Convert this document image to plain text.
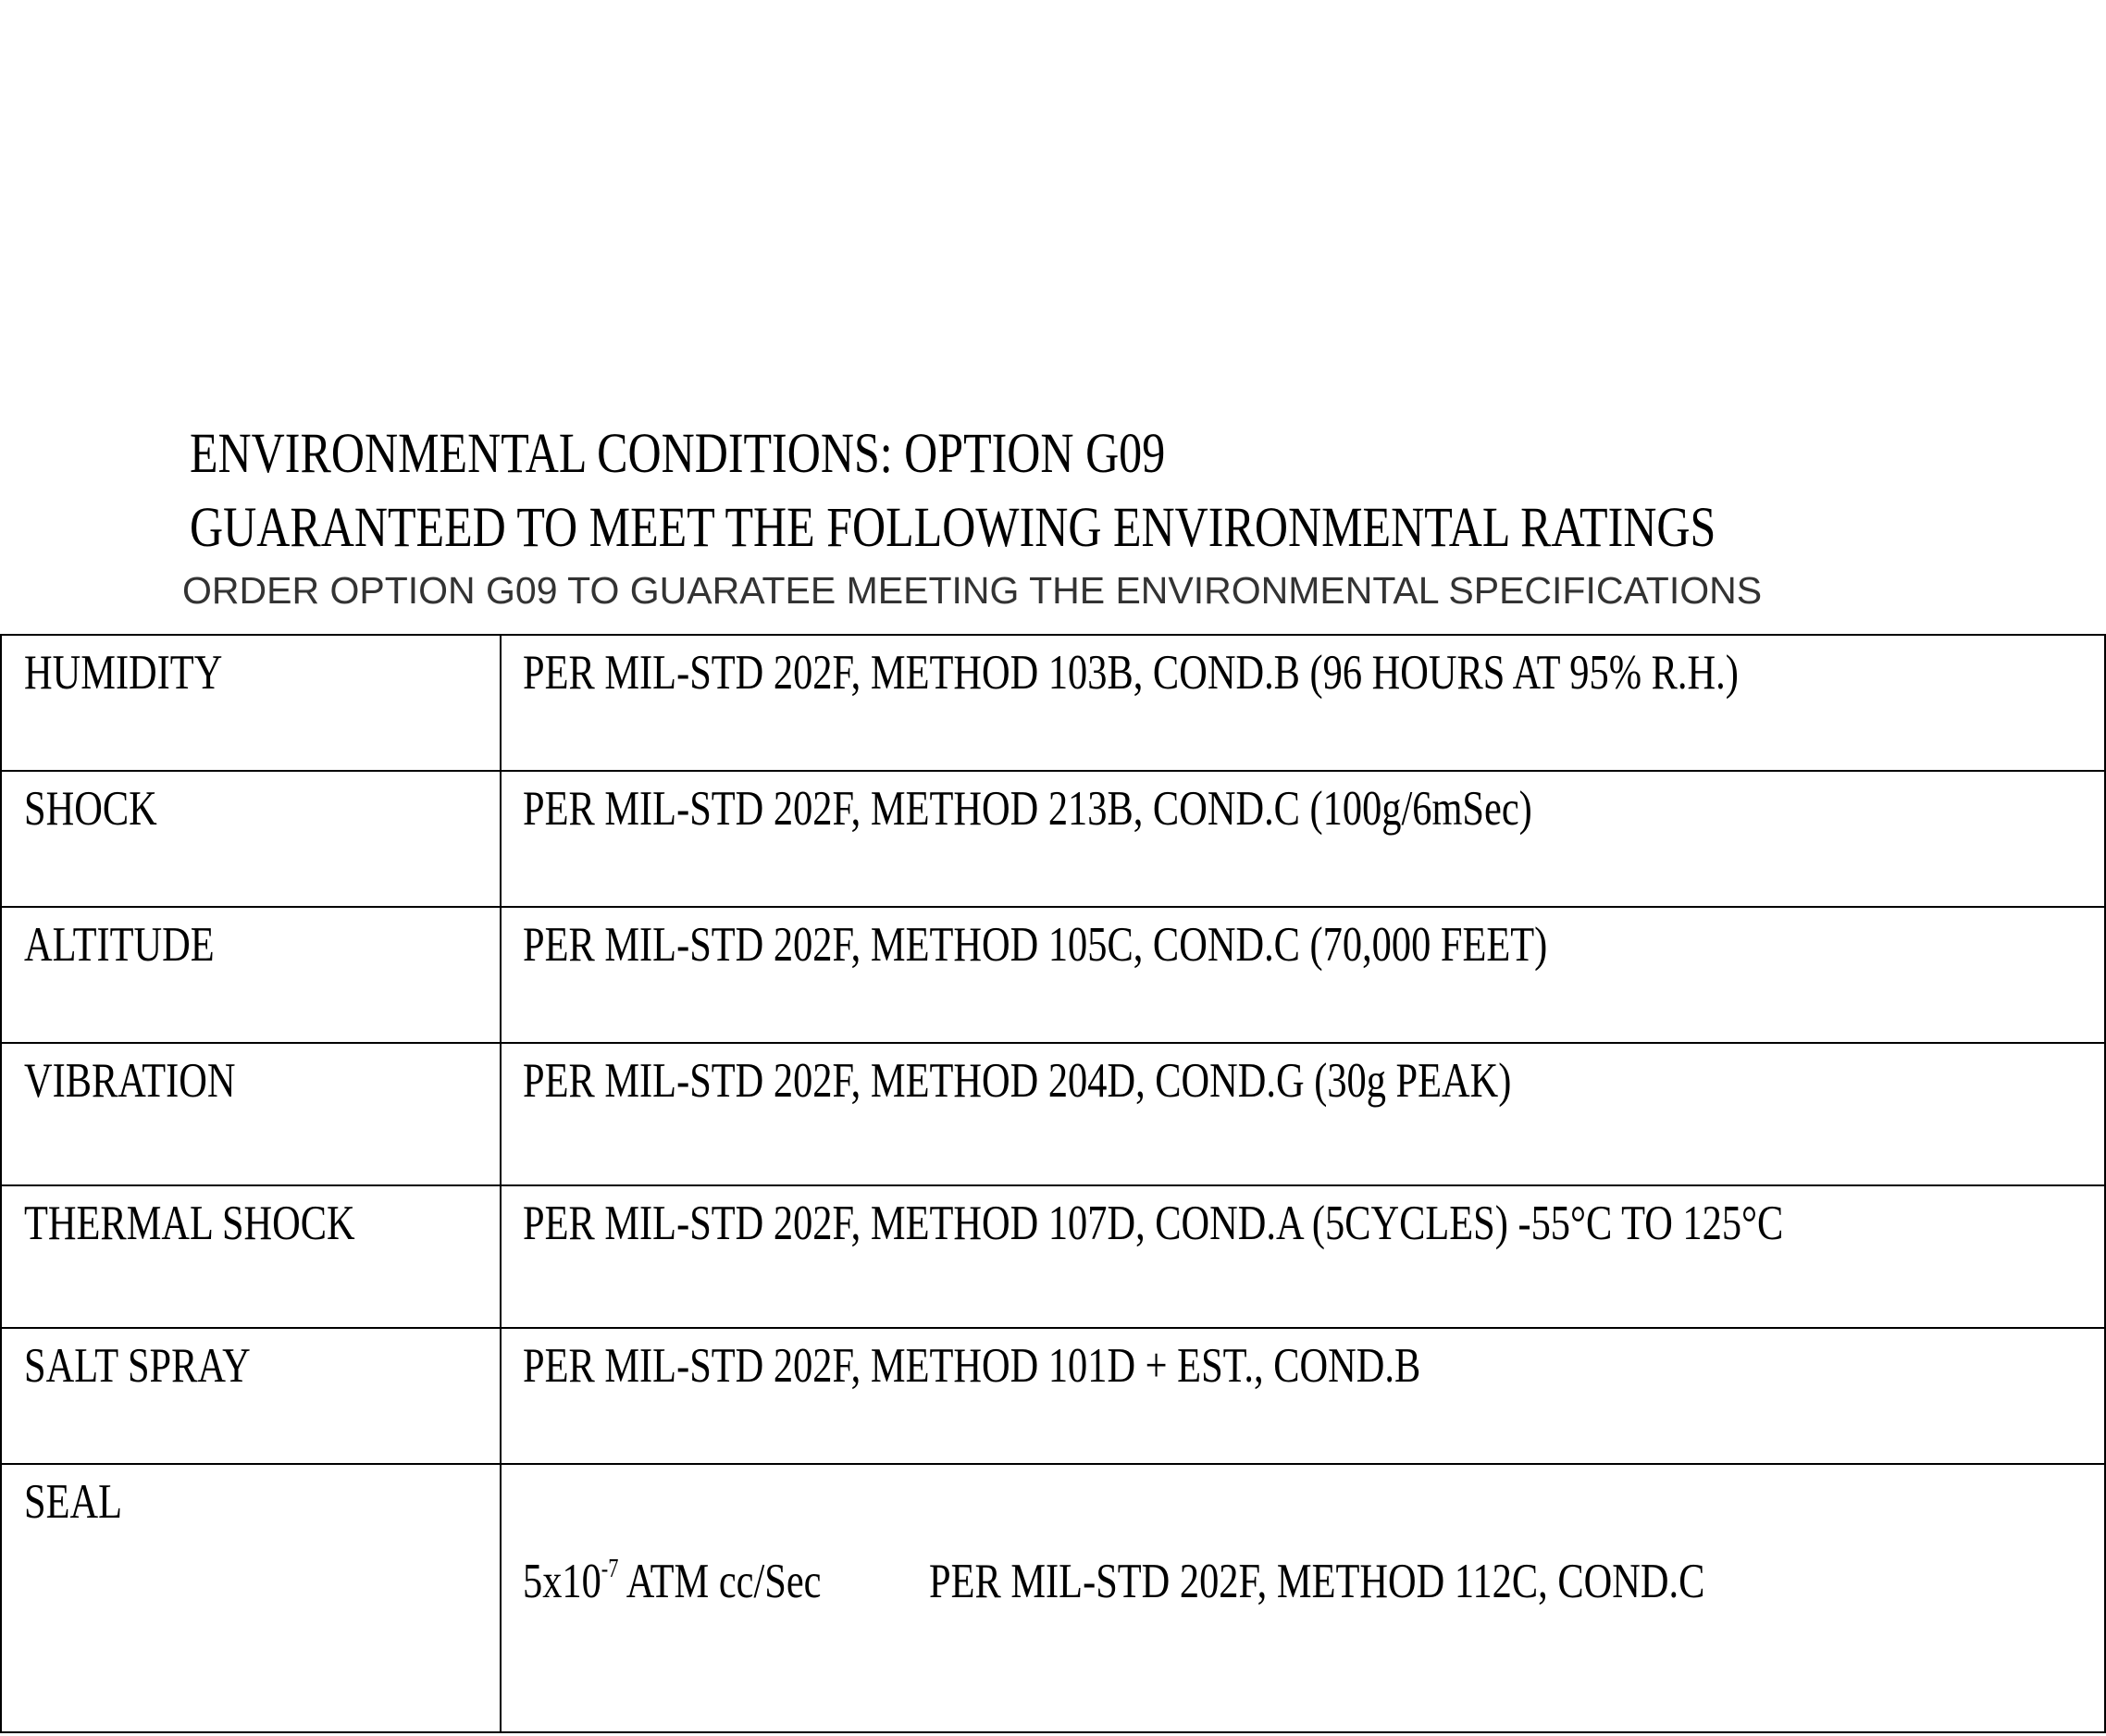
ENVIRONMENTAL CONDITIONS: OPTION G09
GUARANTEED TO MEET THE FOLLOWING ENVIRONMENTAL RATINGS
ORDER OPTION G09 TO GUARATEE MEETING THE ENVIRONMENTAL SPECIFICATIONS
HUMIDITY	PER MIL-STD 202F, METHOD 103B, COND.B (96 HOURS AT 95% R.H.)
SHOCK	PER MIL-STD 202F, METHOD 213B, COND.C (100g/6mSec)
ALTITUDE	PER MIL-STD 202F, METHOD 105C, COND.C (70,000 FEET)
VIBRATION	PER MIL-STD 202F, METHOD 204D, COND.G (30g PEAK)
THERMAL SHOCK	PER MIL-STD 202F, METHOD 107D, COND.A (5CYCLES) -55°C TO 125°C
SALT SPRAY	PER MIL-STD 202F, METHOD 101D + EST., COND.B
SEAL	$5x10^{-7}$ ATM cc/Sec PER MIL-STD 202F, METHOD 112C, COND.C
